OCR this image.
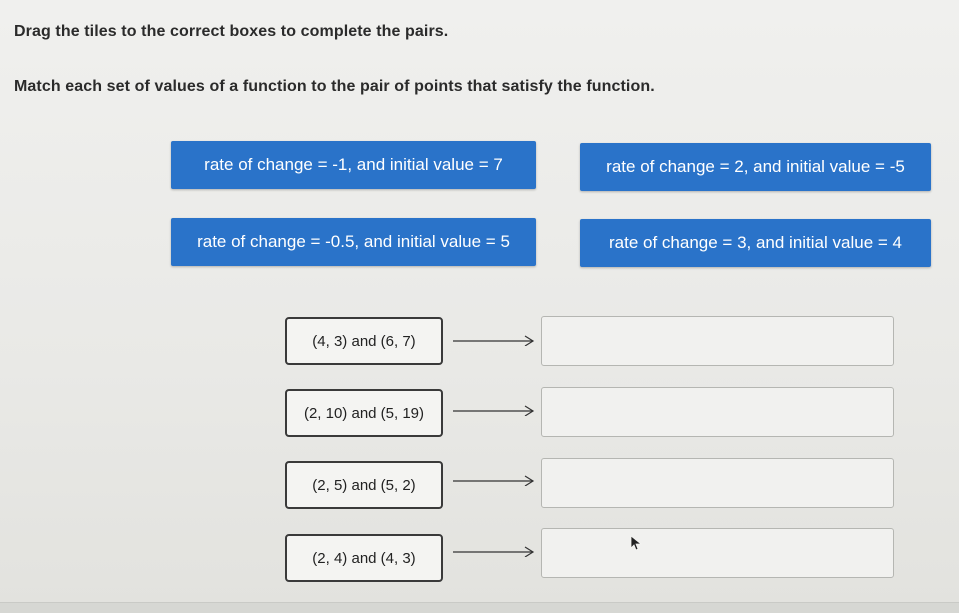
Drag the tiles to the correct boxes to complete the pairs.
Match each set of values of a function to the pair of points that satisfy the function.
rate of change = -1, and initial value = 7	rate of change = 2, and initial value = -5
rate of change = -0.5, and initial value = 5	rate of change = 3, and initial value = 4
(4, 3) and (6, 7)
(2, 10) and (5, 19)
(2, 5) and (5, 2)
(2, 4) and (4, 3)
